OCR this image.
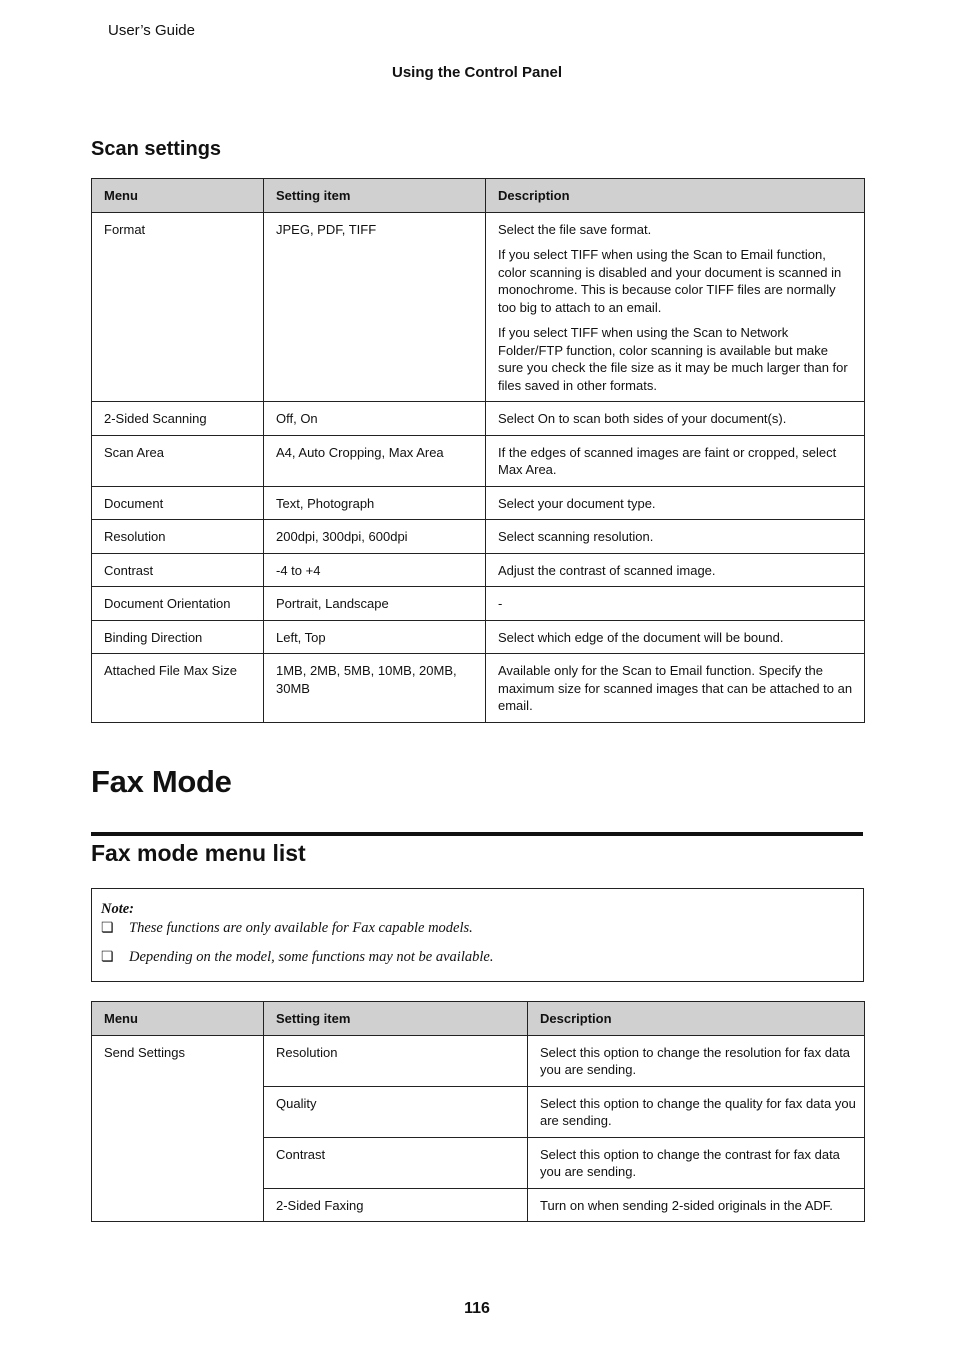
User’s Guide
Using the Control Panel
Scan settings
Menu	Setting item	Description
Format	JPEG, PDF, TIFF	Select the file save format.

If you select TIFF when using the Scan to Email function, color scanning is disabled and your document is scanned in monochrome. This is because color TIFF files are normally too big to attach to an email.

If you select TIFF when using the Scan to Network Folder/FTP function, color scanning is available but make sure you check the file size as it may be much larger than for files saved in other formats.

2-Sided Scanning	Off, On	Select On to scan both sides of your document(s).

Scan Area	A4, Auto Cropping, Max Area	If the edges of scanned images are faint or cropped, select Max Area.

Document	Text, Photograph	Select your document type.

Resolution	200dpi, 300dpi, 600dpi	Select scanning resolution.

Contrast	-4 to +4	Adjust the contrast of scanned image.

Document Orientation	Portrait, Landscape	-

Binding Direction	Left, Top	Select which edge of the document will be bound.

Attached File Max Size	1MB, 2MB, 5MB, 10MB, 20MB, 30MB	Available only for the Scan to Email function. Specify the maximum size for scanned images that can be attached to an email.

Fax Mode
Fax mode menu list
Note:
❏ These functions are only available for Fax capable models.
❏ Depending on the model, some functions may not be available.
Menu	Setting item	Description
Send Settings	Resolution	Select this option to change the resolution for fax data you are sending.
	Quality	Select this option to change the quality for fax data you are sending.
	Contrast	Select this option to change the contrast for fax data you are sending.
	2-Sided Faxing	Turn on when sending 2-sided originals in the ADF.
116
